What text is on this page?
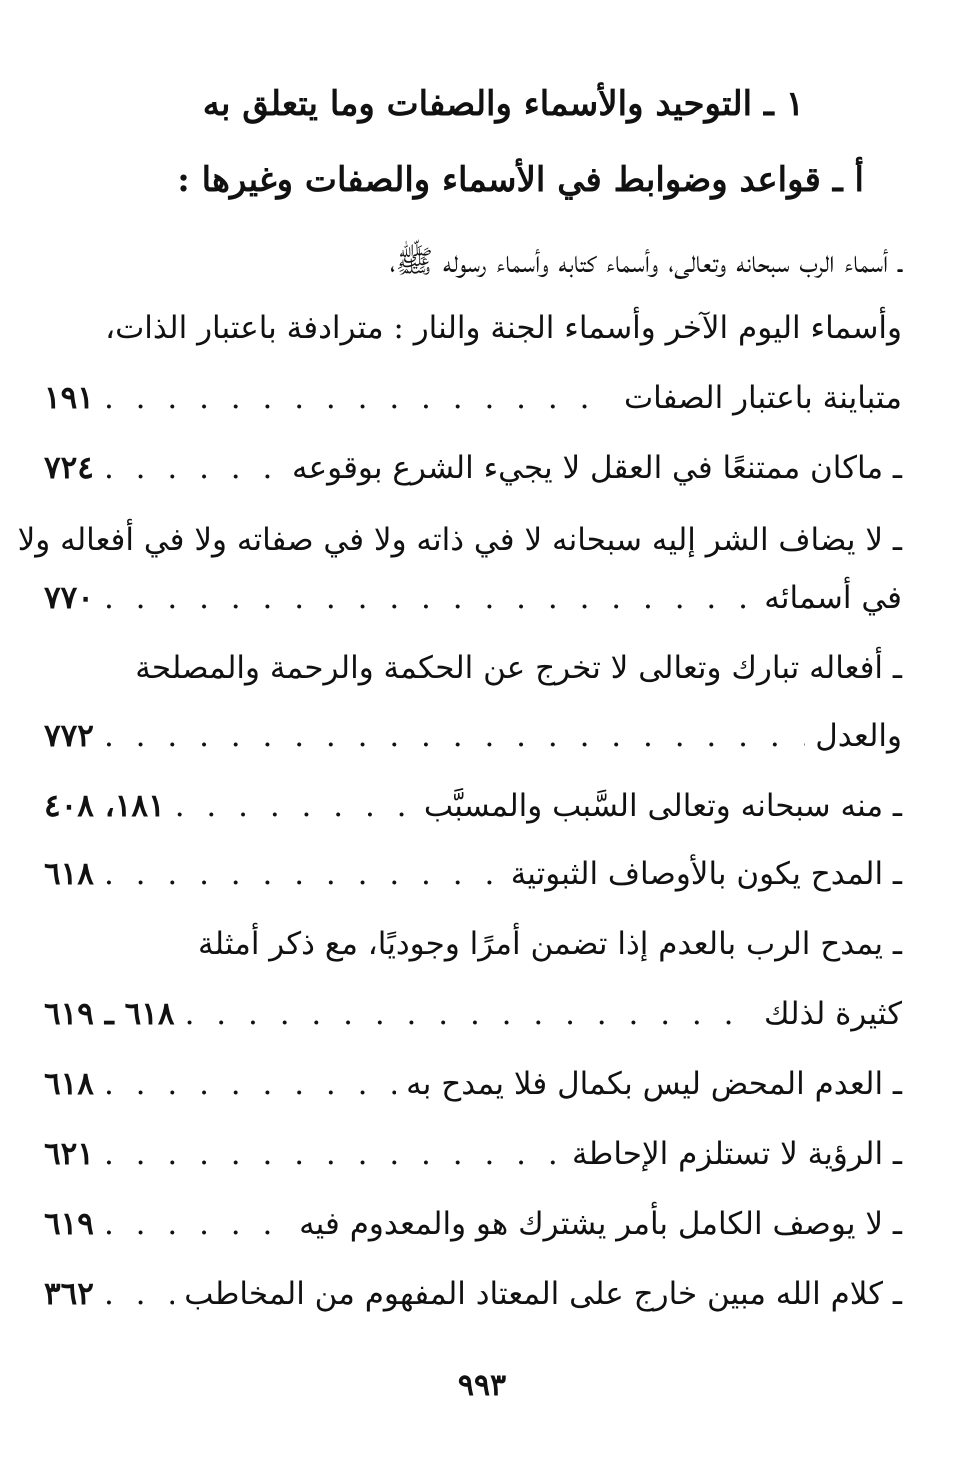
١ ـ التوحيد والأسماء والصفات وما يتعلق به
أ ـ قواعد وضوابط في الأسماء والصفات وغيرها :
ـ أسماء الرب سبحانه وتعالى، وأسماء كتابه وأسماء رسوله ﷺ،
وأسماء اليوم الآخر وأسماء الجنة والنار : مترادفة باعتبار الذات،
متباينة باعتبار الصفات
. . .
١٩١
ـ ماكان ممتنعًا في العقل لا يجيء الشرع بوقوعه
. . .
٧٢٤
ـ لا يضاف الشر إليه سبحانه لا في ذاته ولا في صفاته ولا في أفعاله ولا
في أسمائه
. . .
٧٧٠
ـ أفعاله تبارك وتعالى لا تخرج عن الحكمة والرحمة والمصلحة
والعدل
. . .
٧٧٢
ـ منه سبحانه وتعالى السَّبب والمسبَّب
. . .
١٨١، ٤٠٨
ـ المدح يكون بالأوصاف الثبوتية
. . .
٦١٨
ـ يمدح الرب بالعدم إذا تضمن أمرًا وجوديًا، مع ذكر أمثلة
كثيرة لذلك
. . .
٦١٨ ـ ٦١٩
ـ العدم المحض ليس بكمال فلا يمدح به
. . .
٦١٨
ـ الرؤية لا تستلزم الإحاطة
. . .
٦٢١
ـ لا يوصف الكامل بأمر يشترك هو والمعدوم فيه
. . .
٦١٩
ـ كلام الله مبين خارج على المعتاد المفهوم من المخاطب
. . .
٣٦٢
٩٩٣
